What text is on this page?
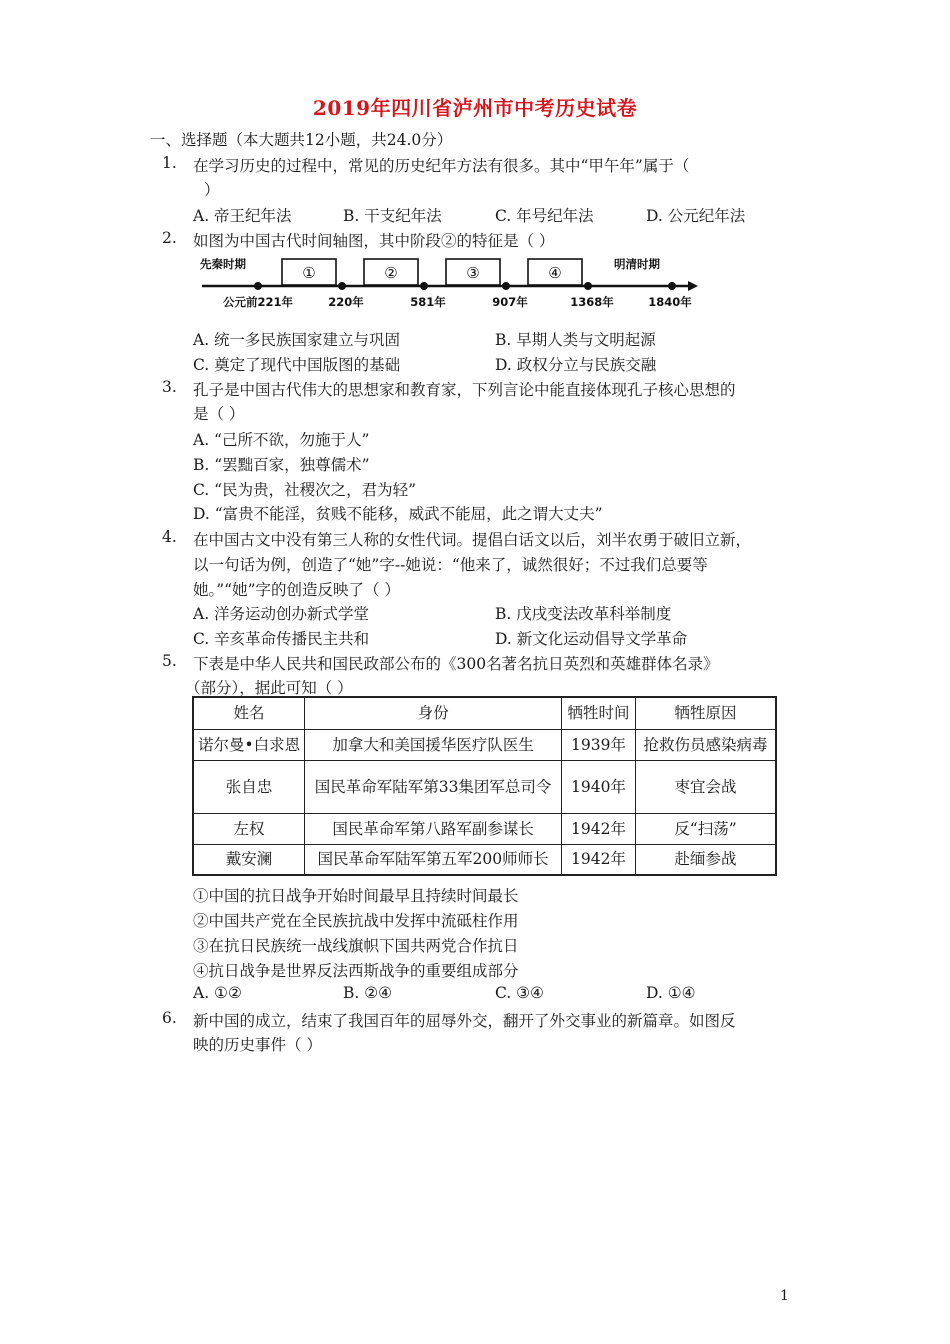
2019年四川省泸州市中考历史试卷
一、选择题（本大题共12小题，共24.0分）
1. 在学习历史的过程中，常见的历史纪年方法有很多。其中“甲午年”属于（
）
A. 帝王纪年法	B. 干支纪年法	C. 年号纪年法	D. 公元纪年法
2. 如图为中国古代时间轴图，其中阶段②的特征是（ ）
先秦时期	明清时期
公元前221年	220年	581年	907年	1368年	1840年
①	②	③	④
A. 统一多民族国家建立与巩固	B. 早期人类与文明起源
C. 奠定了现代中国版图的基础	D. 政权分立与民族交融
3. 孔子是中国古代伟大的思想家和教育家，下列言论中能直接体现孔子核心思想的
是（ ）
A. “己所不欲，勿施于人”
B. “罢黜百家，独尊儒术”
C. “民为贵，社稷次之，君为轻”
D. “富贵不能淫，贫贱不能移，威武不能屈，此之谓大丈夫”
4. 在中国古文中没有第三人称的女性代词。提倡白话文以后，刘半农勇于破旧立新，
以一句话为例，创造了“她”字--她说：“他来了，诚然很好；不过我们总要等
她。”“她”字的创造反映了（ ）
A. 洋务运动创办新式学堂	B. 戊戌变法改革科举制度
C. 辛亥革命传播民主共和	D. 新文化运动倡导文学革命
5. 下表是中华人民共和国民政部公布的《300名著名抗日英烈和英雄群体名录》
（部分），据此可知（ ）
姓名	身份	牺牲时间	牺牲原因
诺尔曼•白求恩	加拿大和美国援华医疗队医生	1939年	抢救伤员感染病毒
张自忠	国民革命军陆军第33集团军总司令	1940年	枣宜会战
左权	国民革命军第八路军副参谋长	1942年	反“扫荡”
戴安澜	国民革命军陆军第五军200师师长	1942年	赴缅参战
①中国的抗日战争开始时间最早且持续时间最长
②中国共产党在全民族抗战中发挥中流砥柱作用
③在抗日民族统一战线旗帜下国共两党合作抗日
④抗日战争是世界反法西斯战争的重要组成部分
A. ①②	B. ②④	C. ③④	D. ①④
6. 新中国的成立，结束了我国百年的屈辱外交，翻开了外交事业的新篇章。如图反
映的历史事件（ ）
1
